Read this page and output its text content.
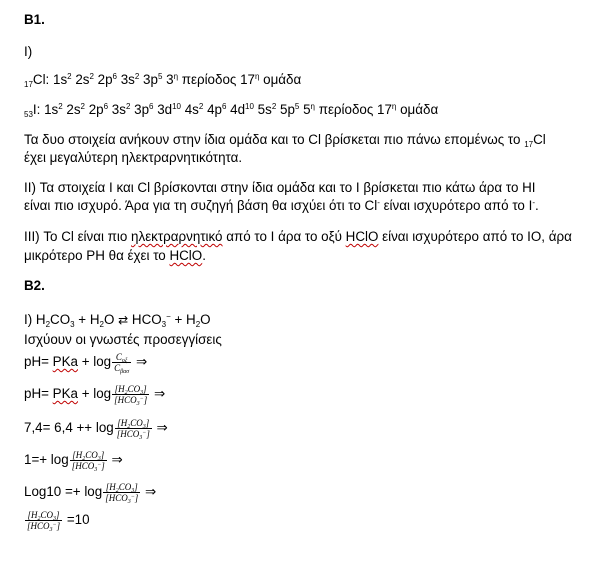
B1.
I)
$_{17}$Cl: $1s^2$ $2s^2$ $2p^6$ $3s^2$ $3p^5$ $3^\eta$ περίοδος $17^\eta$ ομάδα
$_{53}$I: $1s^2$ $2s^2$ $2p^6$ $3s^2$ $3p^6$ $3d^{10}$ $4s^2$ $4p^6$ $4d^{10}$ $5s^2$ $5p^5$ $5^\eta$ περίοδος $17^\eta$ ομάδα
Τα δυο στοιχεία ανήκουν στην ίδια ομάδα και το Cl βρίσκεται πιο πάνω επομένως το $_{17}$Cl
έχει μεγαλύτερη ηλεκτραρνητικότητα.
II) Τα στοιχεία I και Cl βρίσκονται στην ίδια ομάδα και το I βρίσκεται πιο κάτω άρα το HI
είναι πιο ισχυρό. Άρα για τη συζηγή βάση θα ισχύει ότι το Cl- είναι ισχυρότερο από το I-.
III) Το Cl είναι πιο ηλεκτραρνητικό από το I άρα το οξύ HClO είναι ισχυρότερο από το IO, άρα
μικρότερο PH θα έχει το HClO.
B2.
I) $H_2CO_3 + H_2O$ ⇄ $HCO_3^- + H_2O$
Ισχύουν οι γνωστές προσεγγίσεις
pH= PKa + $\log \frac{C_{o\xi}}{C_{\beta\alpha\sigma}}$ ⇒
pH= PKa + $\log \frac{[H_2CO_3]}{[HCO_3^-]}$ ⇒
$7,4= 6,4 ++ \log \frac{[H_2CO_3]}{[HCO_3^-]}$ ⇒
$1=+ \log \frac{[H_2CO_3]}{[HCO_3^-]}$ ⇒
$Log10 =+ \log \frac{[H_2CO_3]}{[HCO_3^-]}$ ⇒
$\frac{[H_2CO_3]}{[HCO_3^-]} =10$
